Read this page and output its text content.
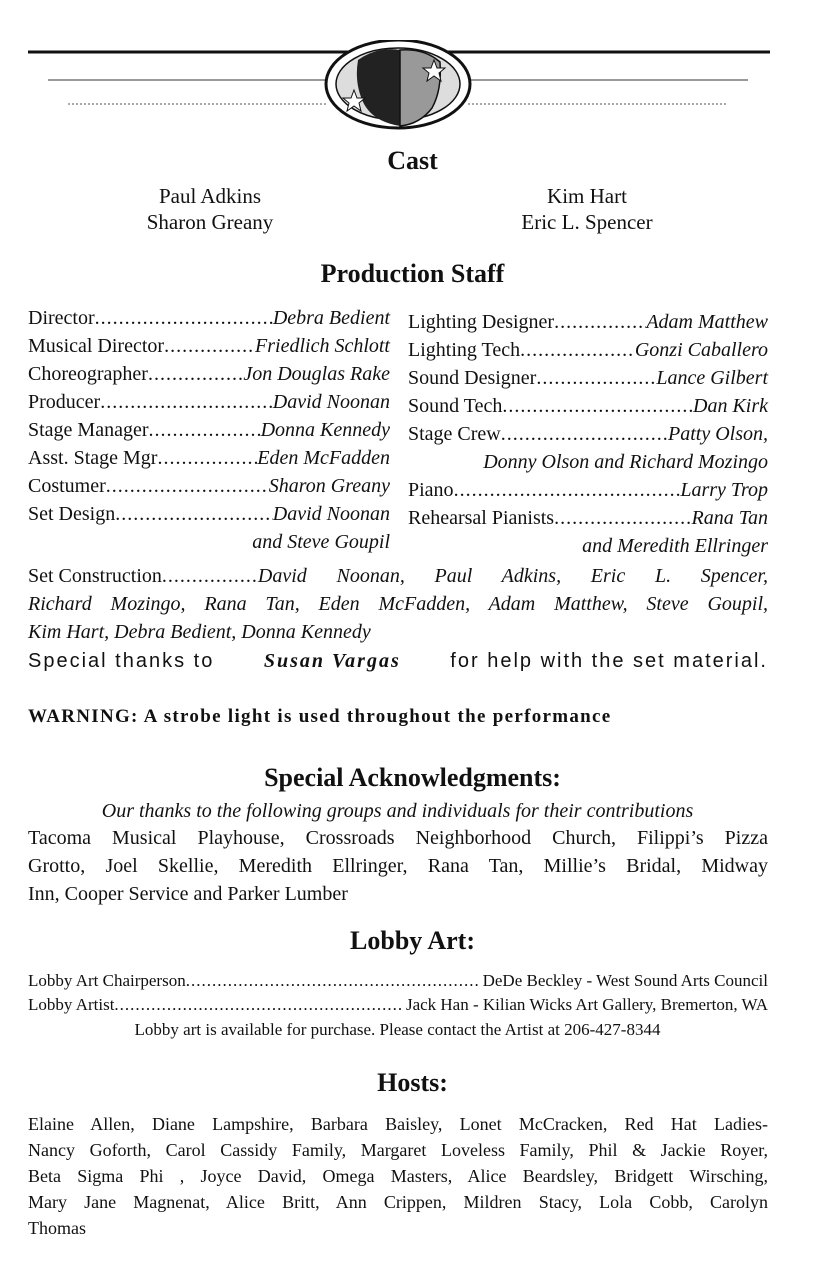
Cast
Paul Adkins
Sharon Greany
Kim Hart
Eric L. Spencer
Production Staff
Director .....	Debra Bedient
Musical Director .....	Friedlich Schlott
Choreographer .....	Jon Douglas Rake
Producer .....	David Noonan
Stage Manager .....	Donna Kennedy
Asst. Stage Mgr .....	Eden McFadden
Costumer .....	Sharon Greany
Set Design .....	David Noonan
and Steve Goupil
Lighting Designer .....	Adam Matthew
Lighting Tech .....	Gonzi Caballero
Sound Designer .....	Lance Gilbert
Sound Tech .....	Dan Kirk
Stage Crew .....	Patty Olson,
Donny Olson and Richard Mozingo
Piano .....	Larry Trop
Rehearsal Pianists .....	Rana Tan
and Meredith Ellringer
Set Construction .....	David Noonan, Paul Adkins, Eric L. Spencer,
Richard Mozingo, Rana Tan, Eden McFadden, Adam Matthew, Steve Goupil,
Kim Hart, Debra Bedient, Donna Kennedy
Special thanks to Susan Vargas for help with the set material.
WARNING: A strobe light is used throughout the performance
Special Acknowledgments:
Our thanks to the following groups and individuals for their contributions
Tacoma Musical Playhouse, Crossroads Neighborhood Church, Filippi’s Pizza
Grotto, Joel Skellie, Meredith Ellringer, Rana Tan, Millie’s Bridal, Midway
Inn, Cooper Service and Parker Lumber
Lobby Art:
Lobby Art Chairperson .....	DeDe Beckley - West Sound Arts Council
Lobby Artist .....	Jack Han - Kilian Wicks Art Gallery, Bremerton, WA
Lobby art is available for purchase. Please contact the Artist at 206-427-8344
Hosts:
Elaine Allen, Diane Lampshire, Barbara Baisley, Lonet McCracken, Red Hat Ladies-
Nancy Goforth, Carol Cassidy Family, Margaret Loveless Family, Phil & Jackie Royer,
Beta Sigma Phi , Joyce David, Omega Masters, Alice Beardsley, Bridgett Wirsching,
Mary Jane Magnenat, Alice Britt, Ann Crippen, Mildren Stacy, Lola Cobb, Carolyn
Thomas
